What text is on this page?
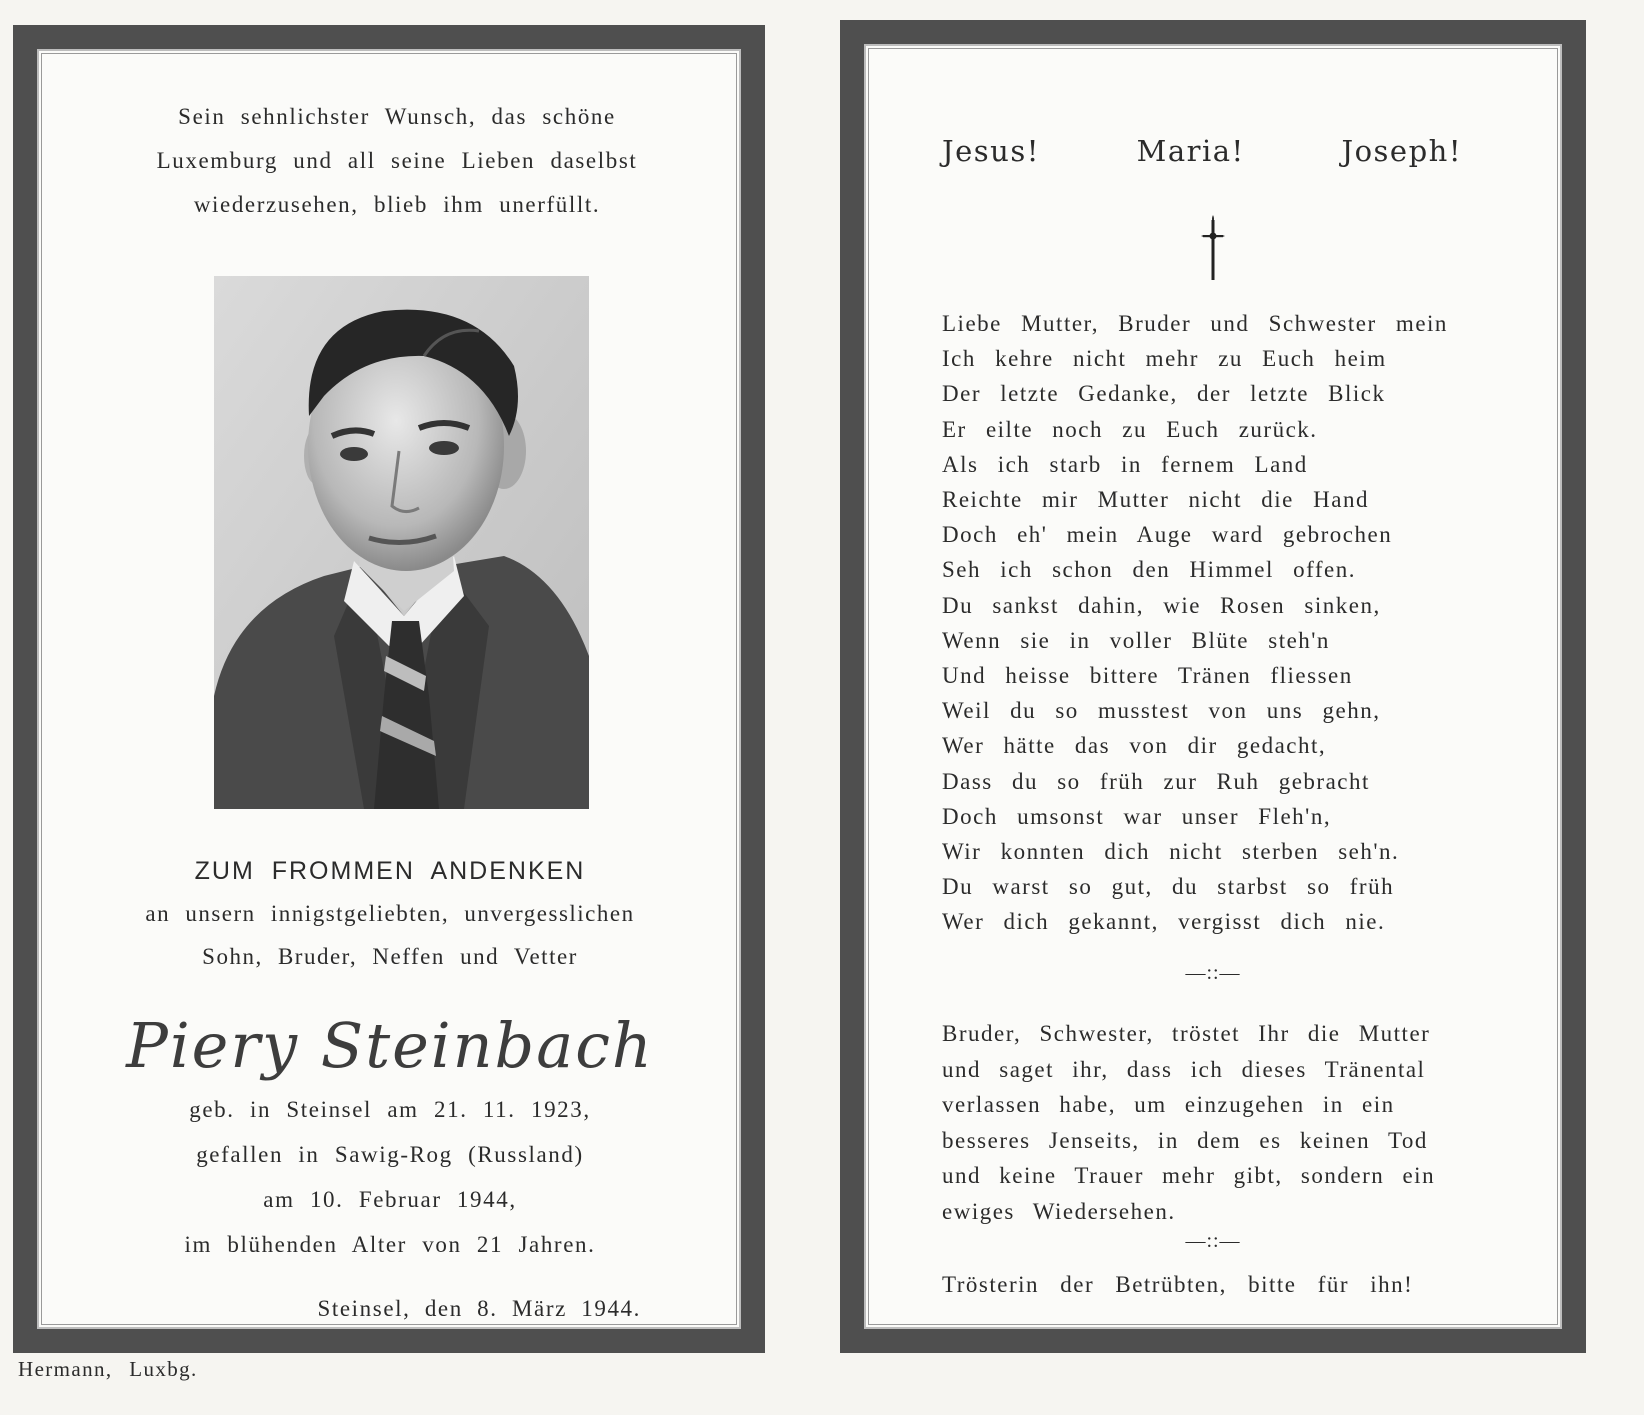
Sein sehnlichster Wunsch, das schöne
Luxemburg und all seine Lieben daselbst
wiederzusehen, blieb ihm unerfüllt.
ZUM FROMMEN ANDENKEN
an unsern innigstgeliebten, unvergesslichen
Sohn, Bruder, Neffen und Vetter
Piery Steinbach
geb. in Steinsel am 21. 11. 1923,
gefallen in Sawig-Rog (Russland)
am 10. Februar 1944,
im blühenden Alter von 21 Jahren.
Steinsel, den 8. März 1944.
Hermann, Luxbg.
Jesus!	Maria!	Joseph!
Liebe Mutter, Bruder und Schwester mein
Ich kehre nicht mehr zu Euch heim
Der letzte Gedanke, der letzte Blick
Er eilte noch zu Euch zurück.
Als ich starb in fernem Land
Reichte mir Mutter nicht die Hand
Doch eh' mein Auge ward gebrochen
Seh ich schon den Himmel offen.
Du sankst dahin, wie Rosen sinken,
Wenn sie in voller Blüte steh'n
Und heisse bittere Tränen fliessen
Weil du so musstest von uns gehn,
Wer hätte das von dir gedacht,
Dass du so früh zur Ruh gebracht
Doch umsonst war unser Fleh'n,
Wir konnten dich nicht sterben seh'n.
Du warst so gut, du starbst so früh
Wer dich gekannt, vergisst dich nie.
—::—
Bruder, Schwester, tröstet Ihr die Mutter
und saget ihr, dass ich dieses Tränental
verlassen habe, um einzugehen in ein
besseres Jenseits, in dem es keinen Tod
und keine Trauer mehr gibt, sondern ein
ewiges Wiedersehen.
—::—
Trösterin der Betrübten, bitte für ihn!
